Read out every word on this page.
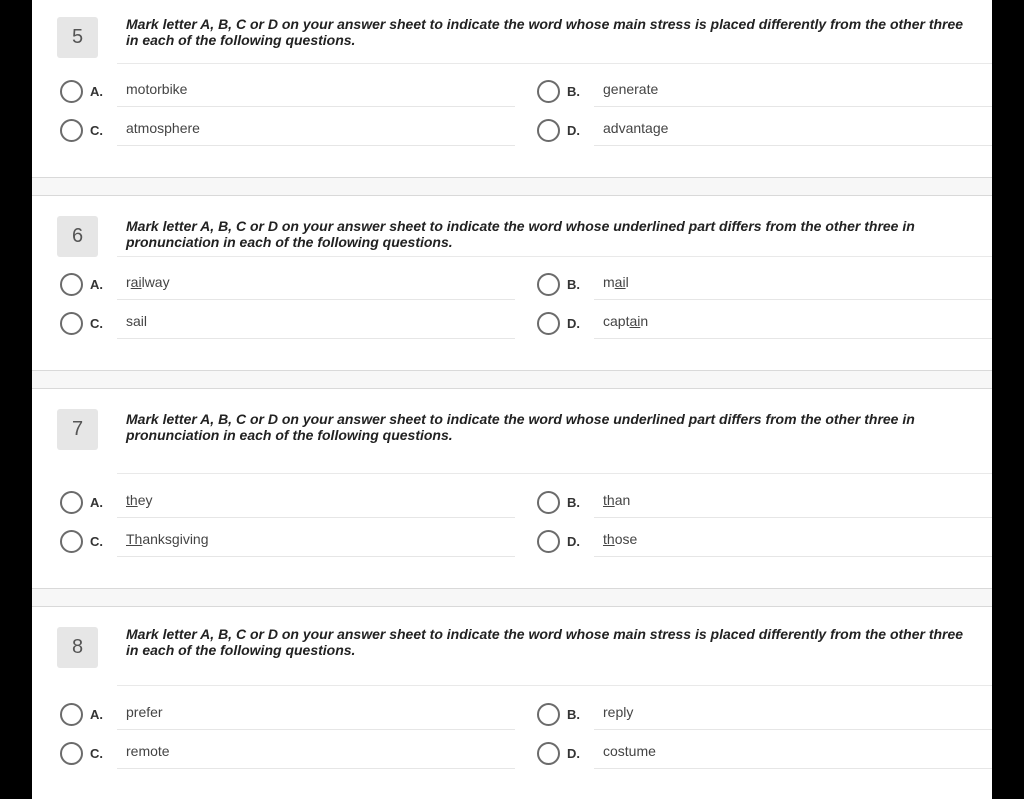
5
Mark letter A, B, C or D on your answer sheet to indicate the word whose main stress is placed differently from the other three in each of the following questions.
A. motorbike	B. generate
C. atmosphere	D. advantage
6	Mark letter A, B, C or D on your answer sheet to indicate the word whose underlined part differs from the other three in pronunciation in each of the following questions.
A. railway	B. mail
C. sail	D. captain
7	Mark letter A, B, C or D on your answer sheet to indicate the word whose underlined part differs from the other three in pronunciation in each of the following questions.
A. they	B. than
C. Thanksgiving	D. those
8
Mark letter A, B, C or D on your answer sheet to indicate the word whose main stress is placed differently from the other three in each of the following questions.
A. prefer	B. reply
C. remote	D. costume
